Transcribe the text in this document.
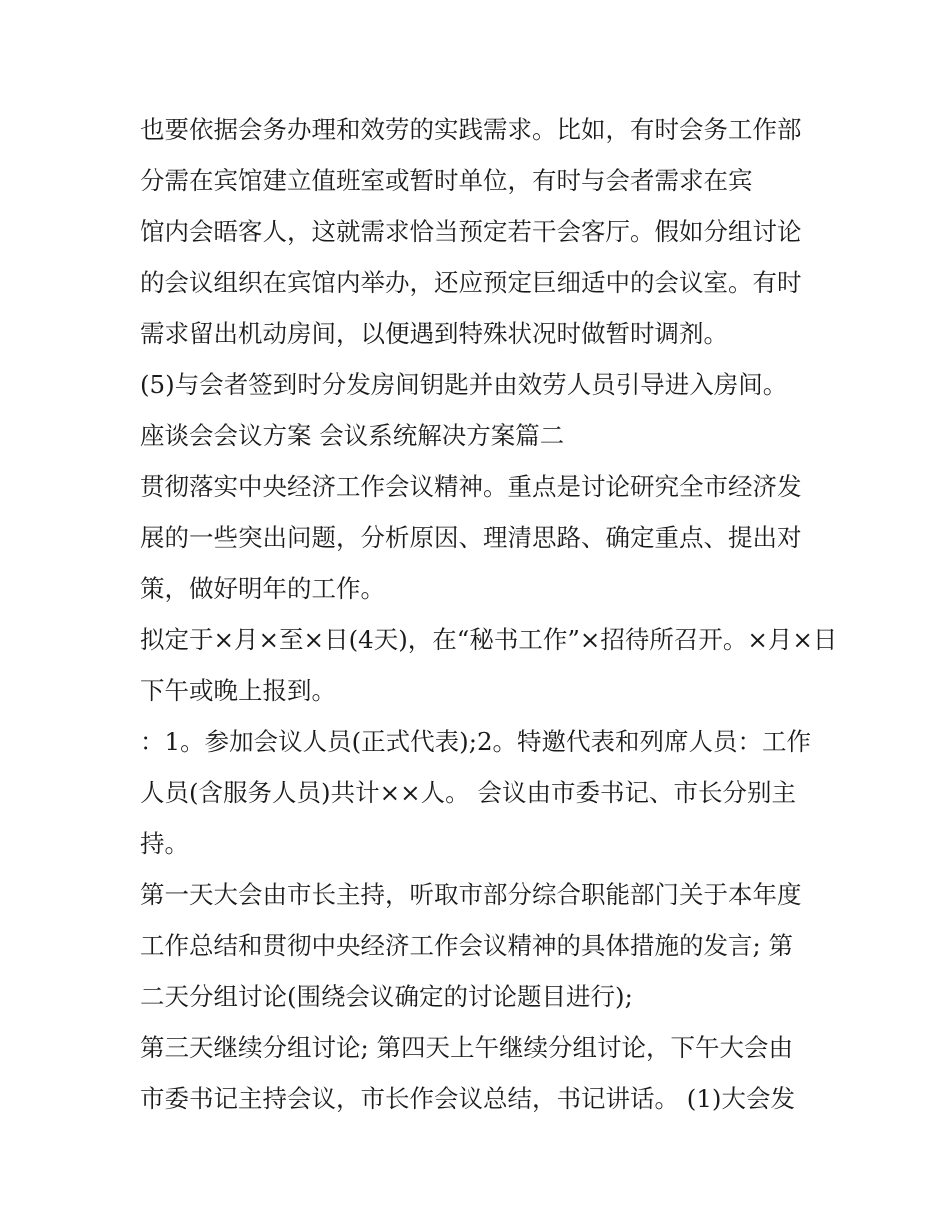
也要依据会务办理和效劳的实践需求。比如，有时会务工作部
分需在宾馆建立值班室或暂时单位，有时与会者需求在宾
馆内会晤客人，这就需求恰当预定若干会客厅。假如分组讨论
的会议组织在宾馆内举办，还应预定巨细适中的会议室。有时
需求留出机动房间，以便遇到特殊状况时做暂时调剂。
(5)与会者签到时分发房间钥匙并由效劳人员引导进入房间。
座谈会会议方案 会议系统解决方案篇二
贯彻落实中央经济工作会议精神。重点是讨论研究全市经济发
展的一些突出问题，分析原因、理清思路、确定重点、提出对
策，做好明年的工作。
拟定于×月×至×日(4天)，在“秘书工作”×招待所召开。×月×日
下午或晚上报到。
：1。参加会议人员(正式代表);2。特邀代表和列席人员：工作
人员(含服务人员)共计××人。 会议由市委书记、市长分别主
持。
第一天大会由市长主持，听取市部分综合职能部门关于本年度
工作总结和贯彻中央经济工作会议精神的具体措施的发言; 第
二天分组讨论(围绕会议确定的讨论题目进行);
第三天继续分组讨论; 第四天上午继续分组讨论，下午大会由
市委书记主持会议，市长作会议总结，书记讲话。 (1)大会发
